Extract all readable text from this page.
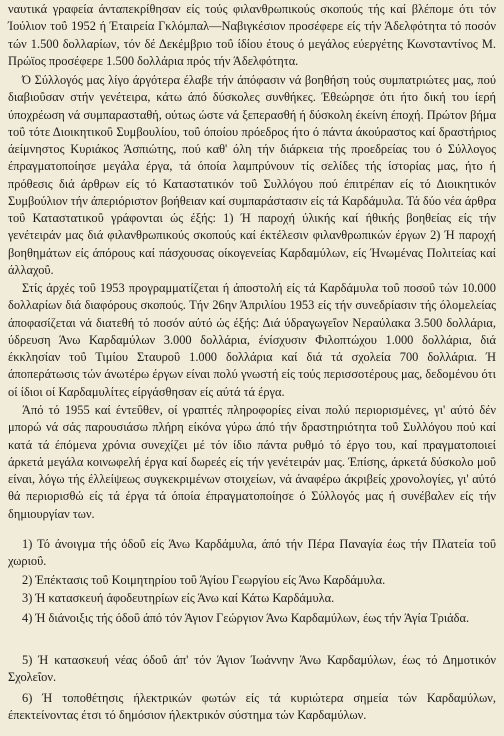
ναυτικά γραφεία άνταπεκρίθησαν είς τούς φιλανθρωπικούς σκοπούς τής καί βλέπομε ότι τόν Ίούλιον τοΰ 1952 ή Έταιρεία Γκλόμπαλ—Ναβιγκέσιον προσέφερε είς τήν Άδελφότητα τό ποσόν τών 1.500 δολλαρίων, τόν δέ Δεκέμβριο τοΰ ίδίου έτους ό μεγάλος εύεργέτης Κωνσταντίνος Μ. Πρώϊος προσέφερε 1.500 δολλάρια πρός τήν Άδελφότητα.

Ό Σύλλογός μας λίγο άργότερα έλαβε τήν άπόφασιν νά βοηθήση τούς συμπατριώτες μας, πού διαβιοΰσαν στήν γενέτειρα, κάτω άπό δύσκολες συνθήκες. Έθεώρησε ότι ήτο δική του ίερή ύποχρέωση νά συμπαρασταθή, ούτως ώστε νά ξεπερασθή ή δύσκολη έκείνη έποχή. Πρώτον βήμα τοΰ τότε Διοικητικοΰ Συμβουλίου, τοΰ όποίου πρόεδρος ήτο ό πάντα άκούραστος καί δραστήριος άείμνηστος Κυριάκος Άσπιώτης, πού καθ' όλη τήν διάρκεια τής προεδρείας του ό Σύλλογος έπραγματοποίησε μεγάλα έργα, τά όποία λαμπρύνουν τίς σελίδες τής ίστορίας μας, ήτο ή πρόθεσις διά άρθρων είς τό Καταστατικόν τοΰ Συλλόγου πού έπιτρέπαν είς τό Διοικητικόν Συμβούλιον τήν άπεριόριστον βοήθειαν καί συμπαράστασιν είς τά Καρδάμυλα. Τά δύο νέα άρθρα τοΰ Καταστατικοΰ γράφονται ώς έξής: 1) Ή παροχή ύλικής καί ήθικής βοηθείας είς τήν γενέτειράν μας διά φιλανθρωπικούς σκοπούς καί έκτέλεσιν φιλανθρωπικών έργων 2) Ή παροχή βοηθημάτων είς άπόρους καί πάσχουσας οίκογενείας Καρδαμύλων, είς Ήνωμένας Πολιτείας καί άλλαχοΰ.

Στίς άρχές τοΰ 1953 προγραμματίζεται ή άποστολή είς τά Καρδάμυλα τοΰ ποσοΰ τών 10.000 δολλαρίων διά διαφόρους σκοπούς. Τήν 26ην Άπριλίου 1953 είς τήν συνεδρίασιν τής όλομελείας άποφασίζεται νά διατεθή τό ποσόν αύτό ώς έξής: Διά ύδραγωγεΐον Νεραύλακα 3.500 δολλάρια, ύδρευση Άνω Καρδαμύλων 3.000 δολλάρια, ένίσχυσιν Φιλοπτώχου 1.000 δολλάρια, διά έκκλησίαν τοΰ Τιμίου Σταυροΰ 1.000 δολλάρια καί διά τά σχολεία 700 δολλάρια. Ή άποπεράτωσις τών άνωτέρω έργων είναι πολύ γνωστή είς τούς περισσοτέρους μας, δεδομένου ότι οί ίδιοι οί Καρδαμυλίτες είργάσθησαν είς αύτά τά έργα.

Άπό τό 1955 καί έντεΰθεν, οί γραπτές πληροφορίες είναι πολύ περιορισμένες, γι' αύτό δέν μπορώ νά σάς παρουσιάσω πλήρη είκόνα γύρω άπό τήν δραστηριότητα τοΰ Συλλόγου πού καί κατά τά έπόμενα χρόνια συνεχίζει μέ τόν ίδιο πάντα ρυθμό τό έργο του, καί πραγματοποιεί άρκετά μεγάλα κοινωφελή έργα καί δωρεές είς τήν γενέτειράν μας. Έπίσης, άρκετά δύσκολο μοΰ είναι, λόγω τής έλλείψεως συγκεκριμένων στοιχείων, νά άναφέρω άκριβείς χρονολογίες, γι' αύτό θά περιορισθώ είς τά έργα τά όποία έπραγματοποίησε ό Σύλλογός μας ή συνέβαλεν είς τήν δημιουργίαν των.

1) Τό άνοιγμα τής όδοΰ είς Άνω Καρδάμυλα, άπό τήν Πέρα Παναγία έως τήν Πλατεία τοΰ χωριοΰ.

2) Έπέκτασις τοΰ Κοιμητηρίου τοΰ Άγίου Γεωργίου είς Άνω Καρδάμυλα.

3) Ή κατασκευή άφοδευτηρίων είς Άνω καί Κάτω Καρδάμυλα.

4) Ή διάνοιξις τής όδοΰ άπό τόν Άγιον Γεώργιον Άνω Καρδαμύλων, έως τήν Άγία Τριάδα.

5) Ή κατασκευή νέας όδοΰ άπ' τόν Άγιον Ίωάννην Άνω Καρδαμύλων, έως τό Δημοτικόν Σχολεΐον.

6) Ή τοποθέτησις ήλεκτρικών φωτών είς τά κυριώτερα σημεία τών Καρδαμύλων, έπεκτείνοντας έτσι τό δημόσιον ήλεκτρικόν σύστημα τών Καρδαμύλων.
